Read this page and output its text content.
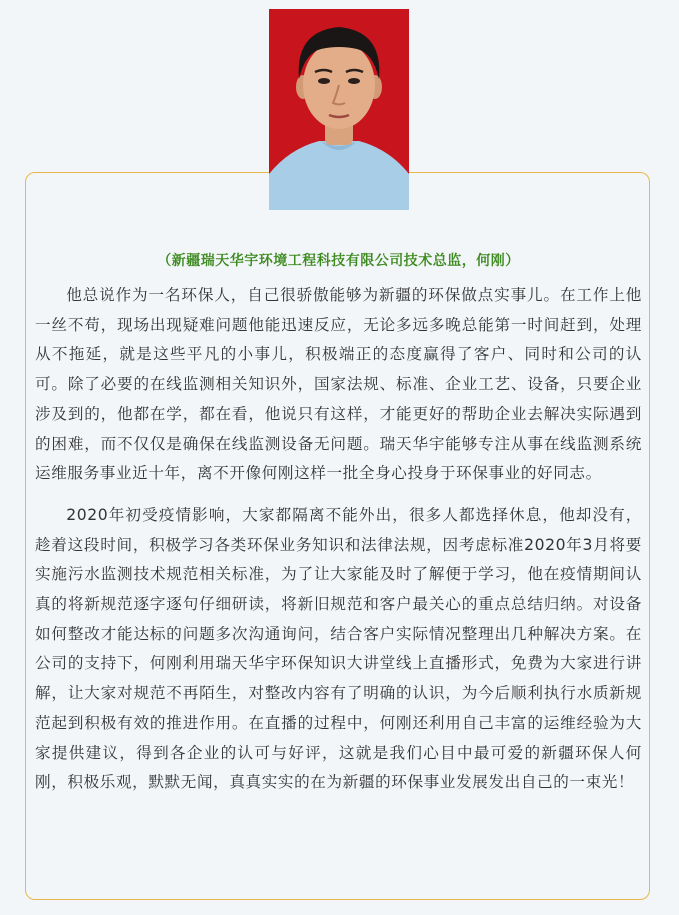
（新疆瑞天华宇环境工程科技有限公司技术总监，何刚）

他总说作为一名环保人，自己很骄傲能够为新疆的环保做点实事儿。在工作上他一丝不苟，现场出现疑难问题他能迅速反应，无论多远多晚总能第一时间赶到，处理从不拖延，就是这些平凡的小事儿，积极端正的态度赢得了客户、同时和公司的认可。除了必要的在线监测相关知识外，国家法规、标准、企业工艺、设备，只要企业涉及到的，他都在学，都在看，他说只有这样，才能更好的帮助企业去解决实际遇到的困难，而不仅仅是确保在线监测设备无问题。瑞天华宇能够专注从事在线监测系统运维服务事业近十年，离不开像何刚这样一批全身心投身于环保事业的好同志。

2020年初受疫情影响，大家都隔离不能外出，很多人都选择休息，他却没有，趁着这段时间，积极学习各类环保业务知识和法律法规，因考虑标准2020年3月将要实施污水监测技术规范相关标准，为了让大家能及时了解便于学习，他在疫情期间认真的将新规范逐字逐句仔细研读，将新旧规范和客户最关心的重点总结归纳。对设备如何整改才能达标的问题多次沟通询问，结合客户实际情况整理出几种解决方案。在公司的支持下，何刚利用瑞天华宇环保知识大讲堂线上直播形式，免费为大家进行讲解，让大家对规范不再陌生，对整改内容有了明确的认识，为今后顺利执行水质新规范起到积极有效的推进作用。在直播的过程中，何刚还利用自己丰富的运维经验为大家提供建议，得到各企业的认可与好评，这就是我们心目中最可爱的新疆环保人何刚，积极乐观，默默无闻，真真实实的在为新疆的环保事业发展发出自己的一束光！
